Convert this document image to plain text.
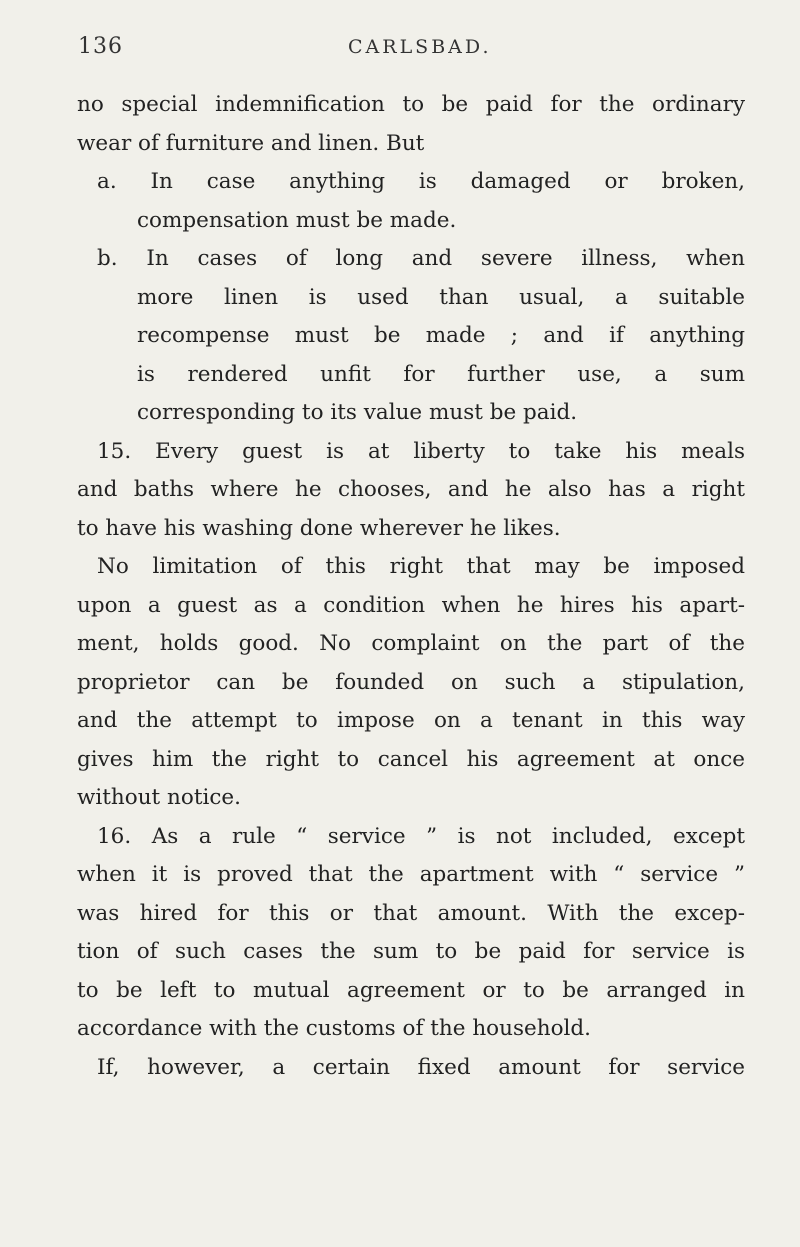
136	CARLSBAD.
no special indemnification to be paid for the ordinary
wear of furniture and linen. But
a. In case anything is damaged or broken,
compensation must be made.
b. In cases of long and severe illness, when
more linen is used than usual, a suitable
recompense must be made ; and if anything
is rendered unfit for further use, a sum
corresponding to its value must be paid.
15. Every guest is at liberty to take his meals
and baths where he chooses, and he also has a right
to have his washing done wherever he likes.
No limitation of this right that may be imposed
upon a guest as a condition when he hires his apart-
ment, holds good. No complaint on the part of the
proprietor can be founded on such a stipulation,
and the attempt to impose on a tenant in this way
gives him the right to cancel his agreement at once
without notice.
16. As a rule “ service ” is not included, except
when it is proved that the apartment with “ service ”
was hired for this or that amount. With the excep-
tion of such cases the sum to be paid for service is
to be left to mutual agreement or to be arranged in
accordance with the customs of the household.
If, however, a certain fixed amount for service
